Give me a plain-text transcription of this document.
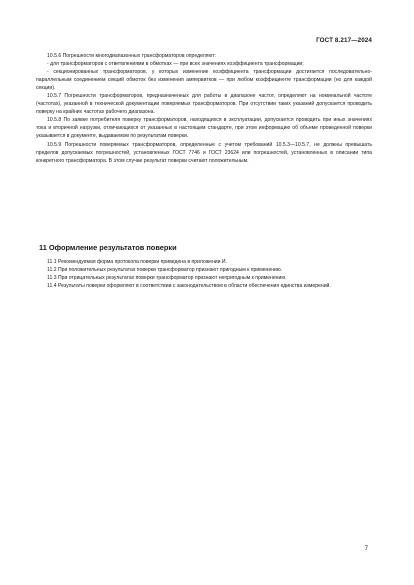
ГОСТ 8.217—2024

10.5.6 Погрешности многодиапазонных трансформаторов определяют:

- для трансформаторов с ответвлениями в обмотках — при всех значениях коэффициента трансформации;

- секционированных трансформаторов, у которых изменение коэффициента трансформации достигается последовательно-параллельным соединением секций обмоток без изменения ампервитков — при любом коэффициенте трансформации (но для каждой секции).

10.5.7 Погрешности трансформаторов, предназначенных для работы в диапазоне частот, определяют на номинальной частоте (частотах), указанной в технической документации поверяемых трансформаторов. При отсутствии таких указаний допускается проводить поверку на крайних частотах рабочего диапазона.

10.5.8 По заявке потребителя поверку трансформаторов, находящихся в эксплуатации, допускается проводить при иных значениях тока и вторичной нагрузки, отличающихся от указанных в настоящем стандарте, при этом информацию об объеме проведенной поверки указывается в документе, выдаваемом по результатам поверки.

10.5.9 Погрешности поверяемых трансформаторов, определенные с учетом требований 10.5.3—10.5.7, не должны превышать пределов допускаемых погрешностей, установленных ГОСТ 7746 и ГОСТ 23624 или погрешностей, установленных в описании типа конкретного трансформатора. В этом случае результат поверки считают положительным.

11 Оформление результатов поверки

11.1 Рекомендуемая форма протокола поверки приведена в приложении И.

11.2 При положительных результатах поверки трансформатор признают пригодным к применению.

11.3 При отрицательных результатах поверки трансформатор признают непригодным к применению.

11.4 Результаты поверки оформляют в соответствии с законодательством в области обеспечения единства измерений.

7
